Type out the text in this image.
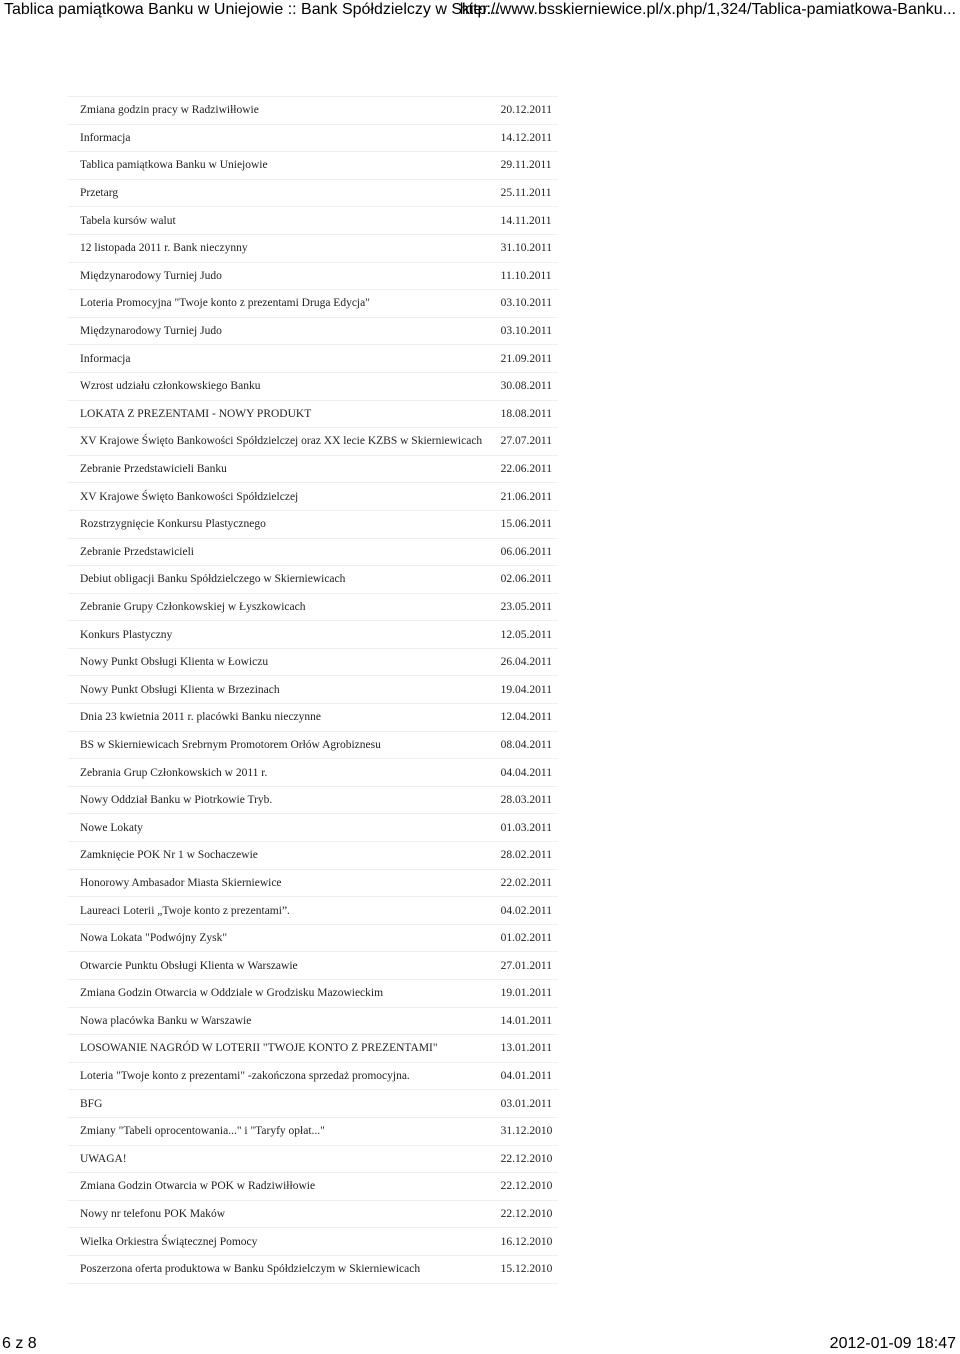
Tablica pamiątkowa Banku w Uniejowie :: Bank Spółdzielczy w Skier...
http://www.bsskierniewice.pl/x.php/1,324/Tablica-pamiatkowa-Banku...
Zmiana godzin pracy w Radziwiłłowie	20.12.2011
Informacja	14.12.2011
Tablica pamiątkowa Banku w Uniejowie	29.11.2011
Przetarg	25.11.2011
Tabela kursów walut	14.11.2011
12 listopada 2011 r. Bank nieczynny	31.10.2011
Międzynarodowy Turniej Judo	11.10.2011
Loteria Promocyjna "Twoje konto z prezentami Druga Edycja"	03.10.2011
Międzynarodowy Turniej Judo	03.10.2011
Informacja	21.09.2011
Wzrost udziału członkowskiego Banku	30.08.2011
LOKATA Z PREZENTAMI - NOWY PRODUKT	18.08.2011
XV Krajowe Święto Bankowości Spółdzielczej oraz XX lecie KZBS w Skierniewicach	27.07.2011
Zebranie Przedstawicieli Banku	22.06.2011
XV Krajowe Święto Bankowości Spółdzielczej	21.06.2011
Rozstrzygnięcie Konkursu Plastycznego	15.06.2011
Zebranie Przedstawicieli	06.06.2011
Debiut obligacji Banku Spółdzielczego w Skierniewicach	02.06.2011
Zebranie Grupy Członkowskiej w Łyszkowicach	23.05.2011
Konkurs Plastyczny	12.05.2011
Nowy Punkt Obsługi Klienta w Łowiczu	26.04.2011
Nowy Punkt Obsługi Klienta w Brzezinach	19.04.2011
Dnia 23 kwietnia 2011 r. placówki Banku nieczynne	12.04.2011
BS w Skierniewicach Srebrnym Promotorem Orłów Agrobiznesu	08.04.2011
Zebrania Grup Członkowskich w 2011 r.	04.04.2011
Nowy Oddział Banku w Piotrkowie Tryb.	28.03.2011
Nowe Lokaty	01.03.2011
Zamknięcie POK Nr 1 w Sochaczewie	28.02.2011
Honorowy Ambasador Miasta Skierniewice	22.02.2011
Laureaci Loterii „Twoje konto z prezentami”.	04.02.2011
Nowa Lokata "Podwójny Zysk"	01.02.2011
Otwarcie Punktu Obsługi Klienta w Warszawie	27.01.2011
Zmiana Godzin Otwarcia w Oddziale w Grodzisku Mazowieckim	19.01.2011
Nowa placówka Banku w Warszawie	14.01.2011
LOSOWANIE NAGRÓD W LOTERII "TWOJE KONTO Z PREZENTAMI"	13.01.2011
Loteria "Twoje konto z prezentami" -zakończona sprzedaż promocyjna.	04.01.2011
BFG	03.01.2011
Zmiany "Tabeli oprocentowania..." i "Taryfy opłat..."	31.12.2010
UWAGA!	22.12.2010
Zmiana Godzin Otwarcia w POK w Radziwiłłowie	22.12.2010
Nowy nr telefonu POK Maków	22.12.2010
Wielka Orkiestra Świątecznej Pomocy	16.12.2010
Poszerzona oferta produktowa w Banku Spółdzielczym w Skierniewicach	15.12.2010
6 z 8	2012-01-09 18:47
